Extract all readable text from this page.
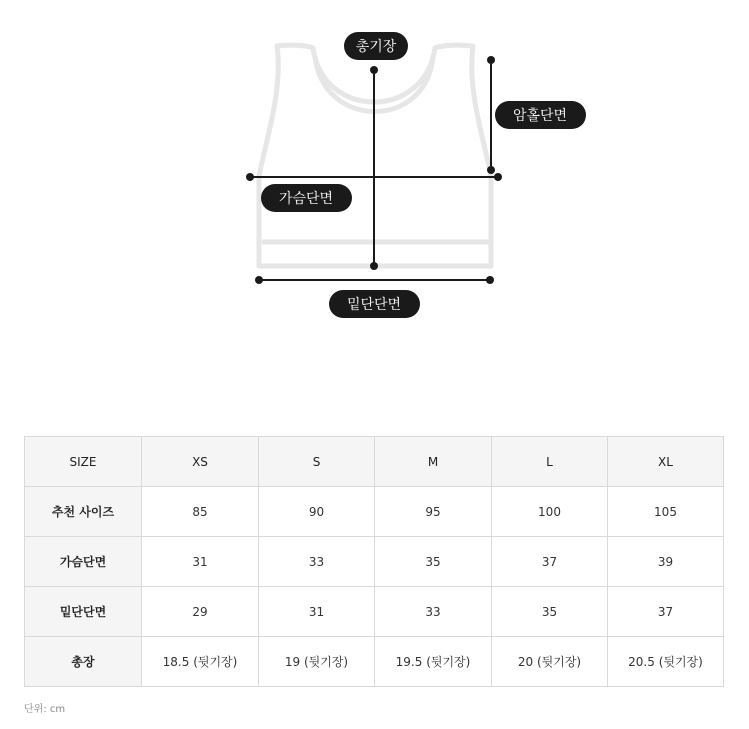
총기장
암홀단면
가슴단면
밑단단면
SIZE	XS	S	M	L	XL
추천 사이즈	85	90	95	100	105
가슴단면	31	33	35	37	39
밑단단면	29	31	33	35	37
총장	18.5 (뒷기장)	19 (뒷기장)	19.5 (뒷기장)	20 (뒷기장)	20.5 (뒷기장)
단위: cm
